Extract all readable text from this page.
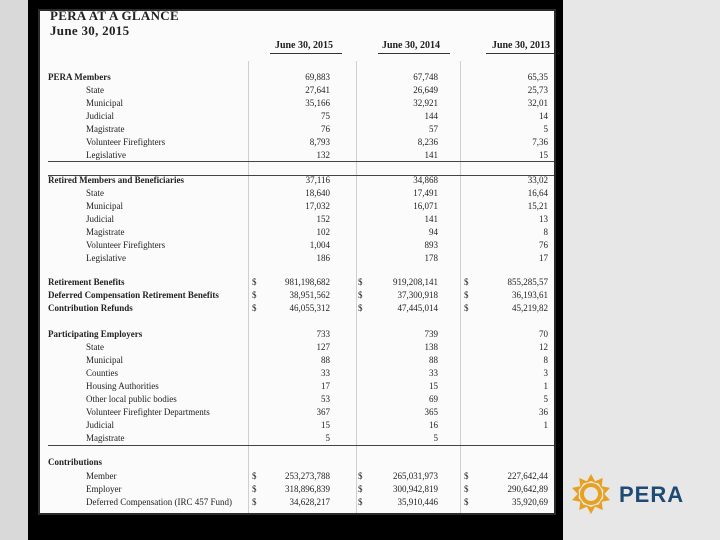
PERA AT A GLANCE
June 30, 2015
June 30, 2015	June 30, 2014	June 30, 2013
PERA Members	69,883	67,748	65,35
State	27,641	26,649	25,73
Municipal	35,166	32,921	32,01
Judicial	75	144	14
Magistrate	76	57	5
Volunteer Firefighters	8,793	8,236	7,36
Legislative	132	141	15
Retired Members and Beneficiaries	37,116	34,868	33,02
State	18,640	17,491	16,64
Municipal	17,032	16,071	15,21
Judicial	152	141	13
Magistrate	102	94	8
Volunteer Firefighters	1,004	893	76
Legislative	186	178	17
Retirement Benefits	$	981,198,682	$	919,208,141	$	855,285,57
Deferred Compensation Retirement Benefits	$	38,951,562	$	37,300,918	$	36,193,61
Contribution Refunds	$	46,055,312	$	47,445,014	$	45,219,82
Participating Employers	733	739	70
State	127	138	12
Municipal	88	88	8
Counties	33	33	3
Housing Authorities	17	15	1
Other local public bodies	53	69	5
Volunteer Firefighter Departments	367	365	36
Judicial	15	16	1
Magistrate	5	5
Contributions
Member	$	253,273,788	$	265,031,973	$	227,642,44
Employer	$	318,896,839	$	300,942,819	$	290,642,89
Deferred Compensation (IRC 457 Fund) $	34,628,217	$	35,910,446	$	35,920,69	PERA
